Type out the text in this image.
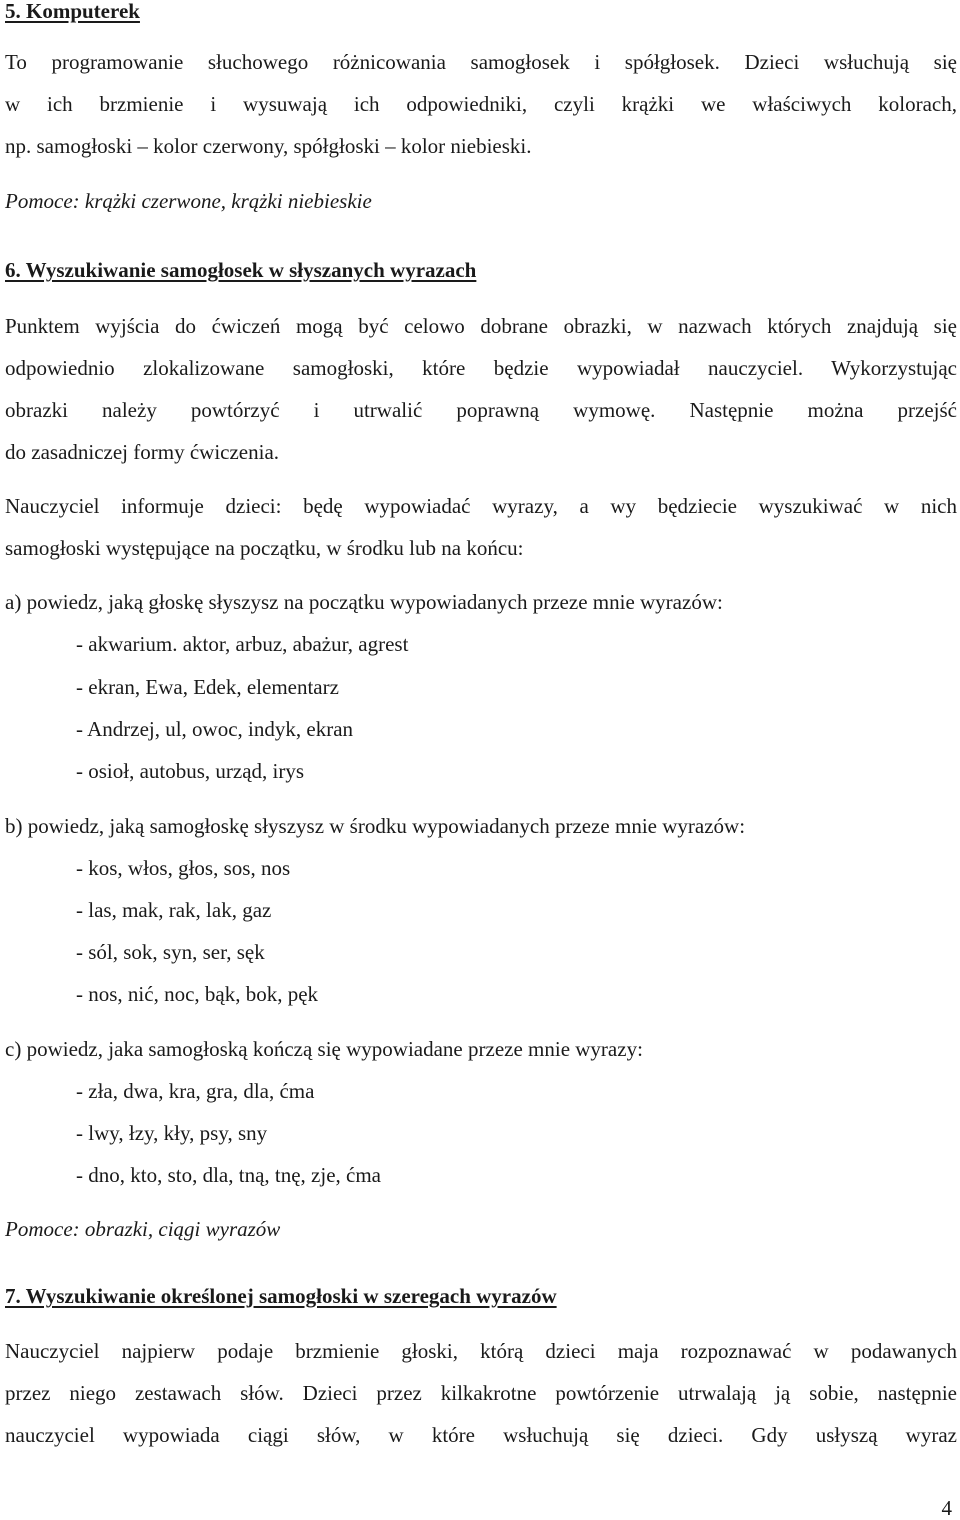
5. Komputerek
To programowanie słuchowego różnicowania samogłosek i spółgłosek. Dzieci wsłuchują się
w ich brzmienie i wysuwają ich odpowiedniki, czyli krążki we właściwych kolorach,
np. samogłoski – kolor czerwony, spółgłoski – kolor niebieski.
Pomoce: krążki czerwone, krążki niebieskie
6. Wyszukiwanie samogłosek w słyszanych wyrazach
Punktem wyjścia do ćwiczeń mogą być celowo dobrane obrazki, w nazwach których znajdują się
odpowiednio zlokalizowane samogłoski, które będzie wypowiadał nauczyciel. Wykorzystując
obrazki należy powtórzyć i utrwalić poprawną wymowę. Następnie można przejść
do zasadniczej formy ćwiczenia.
Nauczyciel informuje dzieci: będę wypowiadać wyrazy, a wy będziecie wyszukiwać w nich
samogłoski występujące na początku, w środku lub na końcu:
a) powiedz, jaką głoskę słyszysz na początku wypowiadanych przeze mnie wyrazów:
- akwarium. aktor, arbuz, abażur, agrest
- ekran, Ewa, Edek, elementarz
- Andrzej, ul, owoc, indyk, ekran
- osioł, autobus, urząd, irys
b) powiedz, jaką samogłoskę słyszysz w środku wypowiadanych przeze mnie wyrazów:
- kos, włos, głos, sos, nos
- las, mak, rak, lak, gaz
- sól, sok, syn, ser, sęk
- nos, nić, noc, bąk, bok, pęk
c) powiedz, jaka samogłoską kończą się wypowiadane przeze mnie wyrazy:
- zła, dwa, kra, gra, dla, ćma
- lwy, łzy, kły, psy, sny
- dno, kto, sto, dla, tną, tnę, zje, ćma
Pomoce: obrazki, ciągi wyrazów
7. Wyszukiwanie określonej samogłoski w szeregach wyrazów
Nauczyciel najpierw podaje brzmienie głoski, którą dzieci maja rozpoznawać w podawanych
przez niego zestawach słów. Dzieci przez kilkakrotne powtórzenie utrwalają ją sobie, następnie
nauczyciel wypowiada ciągi słów, w które wsłuchują się dzieci. Gdy usłyszą wyraz
4
